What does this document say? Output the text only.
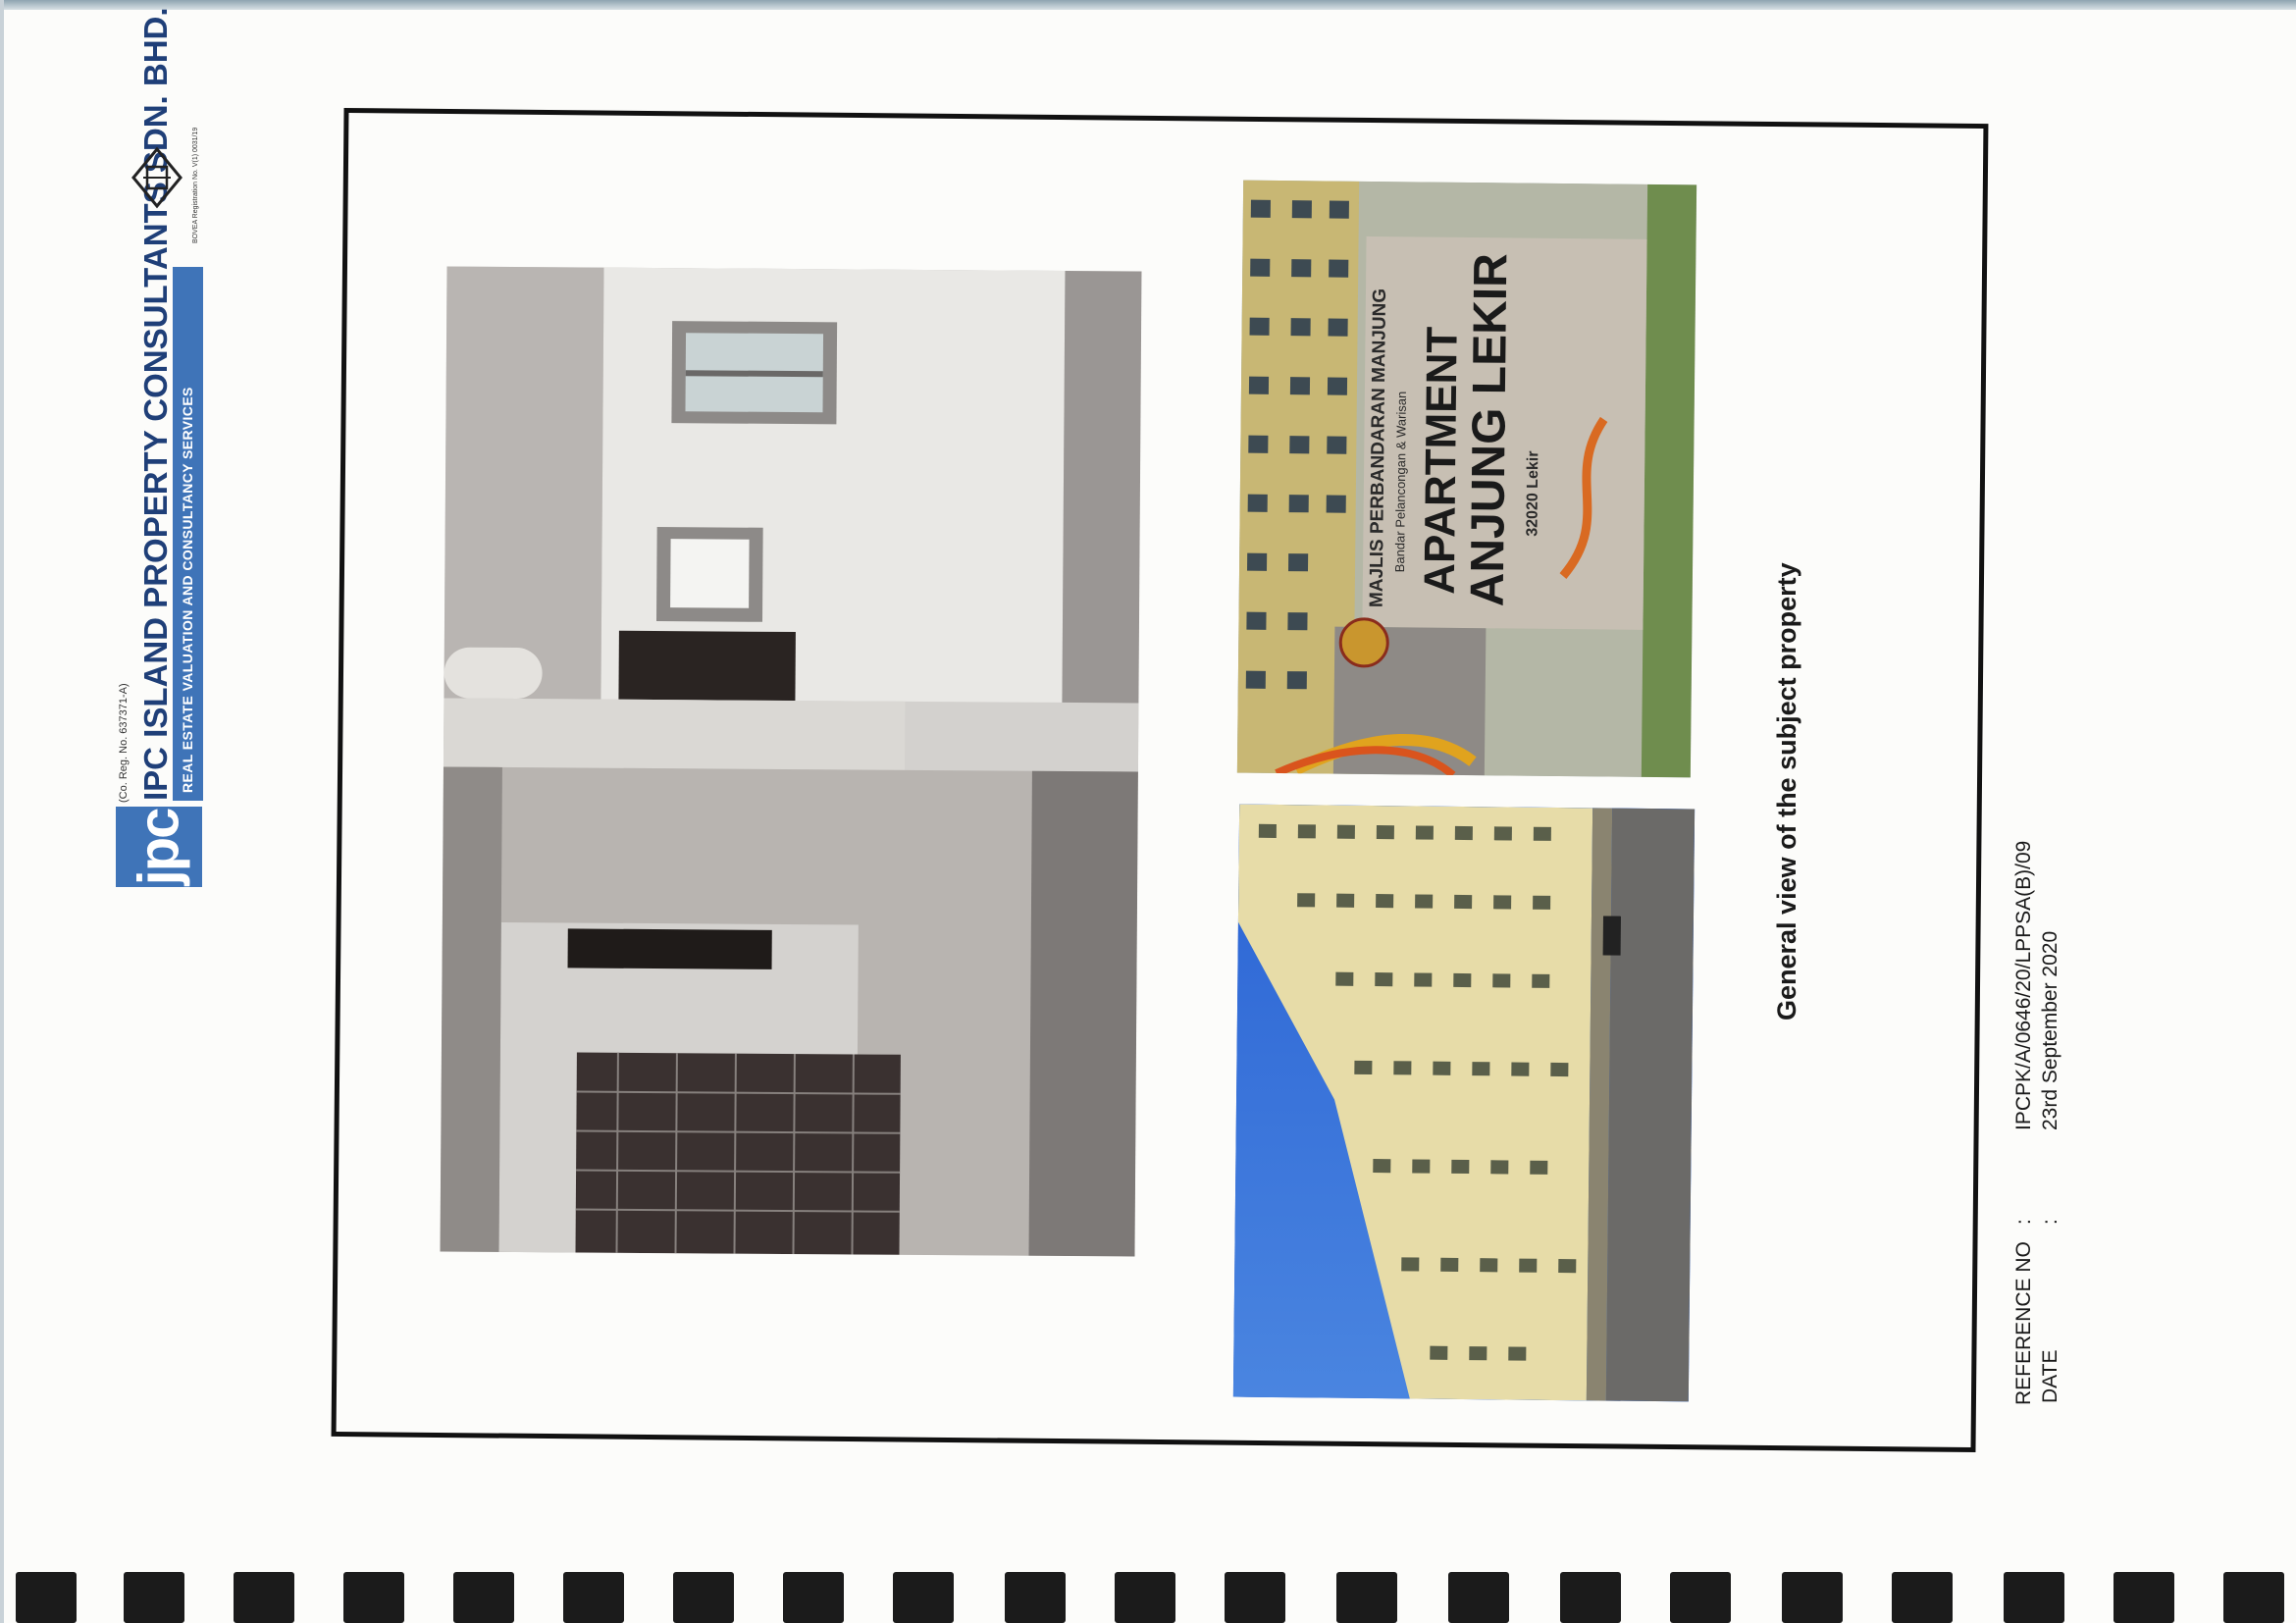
jpc
(Co. Reg. No. 637371-A) IPC ISLAND PROPERTY CONSULTANTS SDN. BHD. REAL ESTATE VALUATION AND CONSULTANCY SERVICES
BOVEA Registration No. V(1) 0031/19
MAJLIS PERBANDARAN MANJUNG Bandar Pelancongan & Warisan APARTMENT
ANJUNG LEKIR 32020 Lekir
General view of the subject property
REFERENCE NO
:
IPCPK/A/0646/20/LPPSA(B)/09
DATE
:
23rd September 2020
